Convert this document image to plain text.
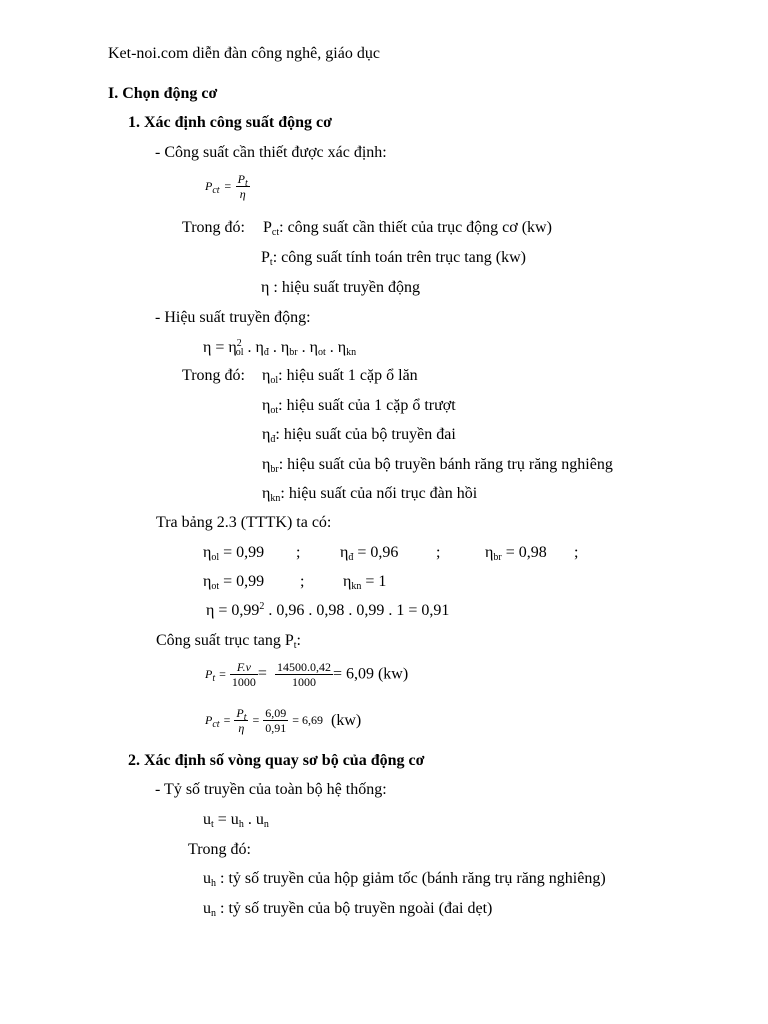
Ket-noi.com diễn đàn công nghê, giáo dục
I. Chọn động cơ
1. Xác định công suất động cơ
- Công suất cần thiết được xác định:
$P_{ct} = \frac{P_t}{\eta}$
Trong đó: $P_{ct}$: công suất cần thiết của trục động cơ (kw)
$P_t$: công suất tính toán trên trục tang (kw)
η : hiệu suất truyền động
- Hiệu suất truyền động:
$\eta = \eta^2_{ol}$ . $\eta_đ$ . $\eta_{br}$ . $\eta_{ot}$ . $\eta_{kn}$
Trong đó: $\eta_{ol}$: hiệu suất 1 cặp ổ lăn
$\eta_{ot}$: hiệu suất của 1 cặp ổ trượt
$\eta_đ$: hiệu suất của bộ truyền đai
$\eta_{br}$: hiệu suất của bộ truyền bánh răng trụ răng nghiêng
$\eta_{kn}$: hiệu suất của nối trục đàn hồi
Tra bảng 2.3 (TTTK) ta có:
$\eta_{ol} = 0,99$ ; $\eta_đ = 0,96$ ;	$\eta_{br} = 0,98$ ;
$\eta_{ot} = 0,99$ ; $\eta_{kn} = 1$
$\eta = 0,99^2$ . 0,96 . 0,98 . 0,99 . 1 = 0,91
Công suất trục tang $P_t$:
$P_t = \frac{F.v}{1000} = \frac{14500.0,42}{1000} = 6,09$ (kw)
$P_{ct} = \frac{P_t}{\eta} = \frac{6,09}{0,91} = 6,69$ (kw)
2. Xác định số vòng quay sơ bộ của động cơ
- Tỷ số truyền của toàn bộ hệ thống:
$u_t = u_h$ . $u_n$
Trong đó:
$u_h$ : tỷ số truyền của hộp giảm tốc (bánh răng trụ răng nghiêng)
$u_n$ : tỷ số truyền của bộ truyền ngoài (đai dẹt)
